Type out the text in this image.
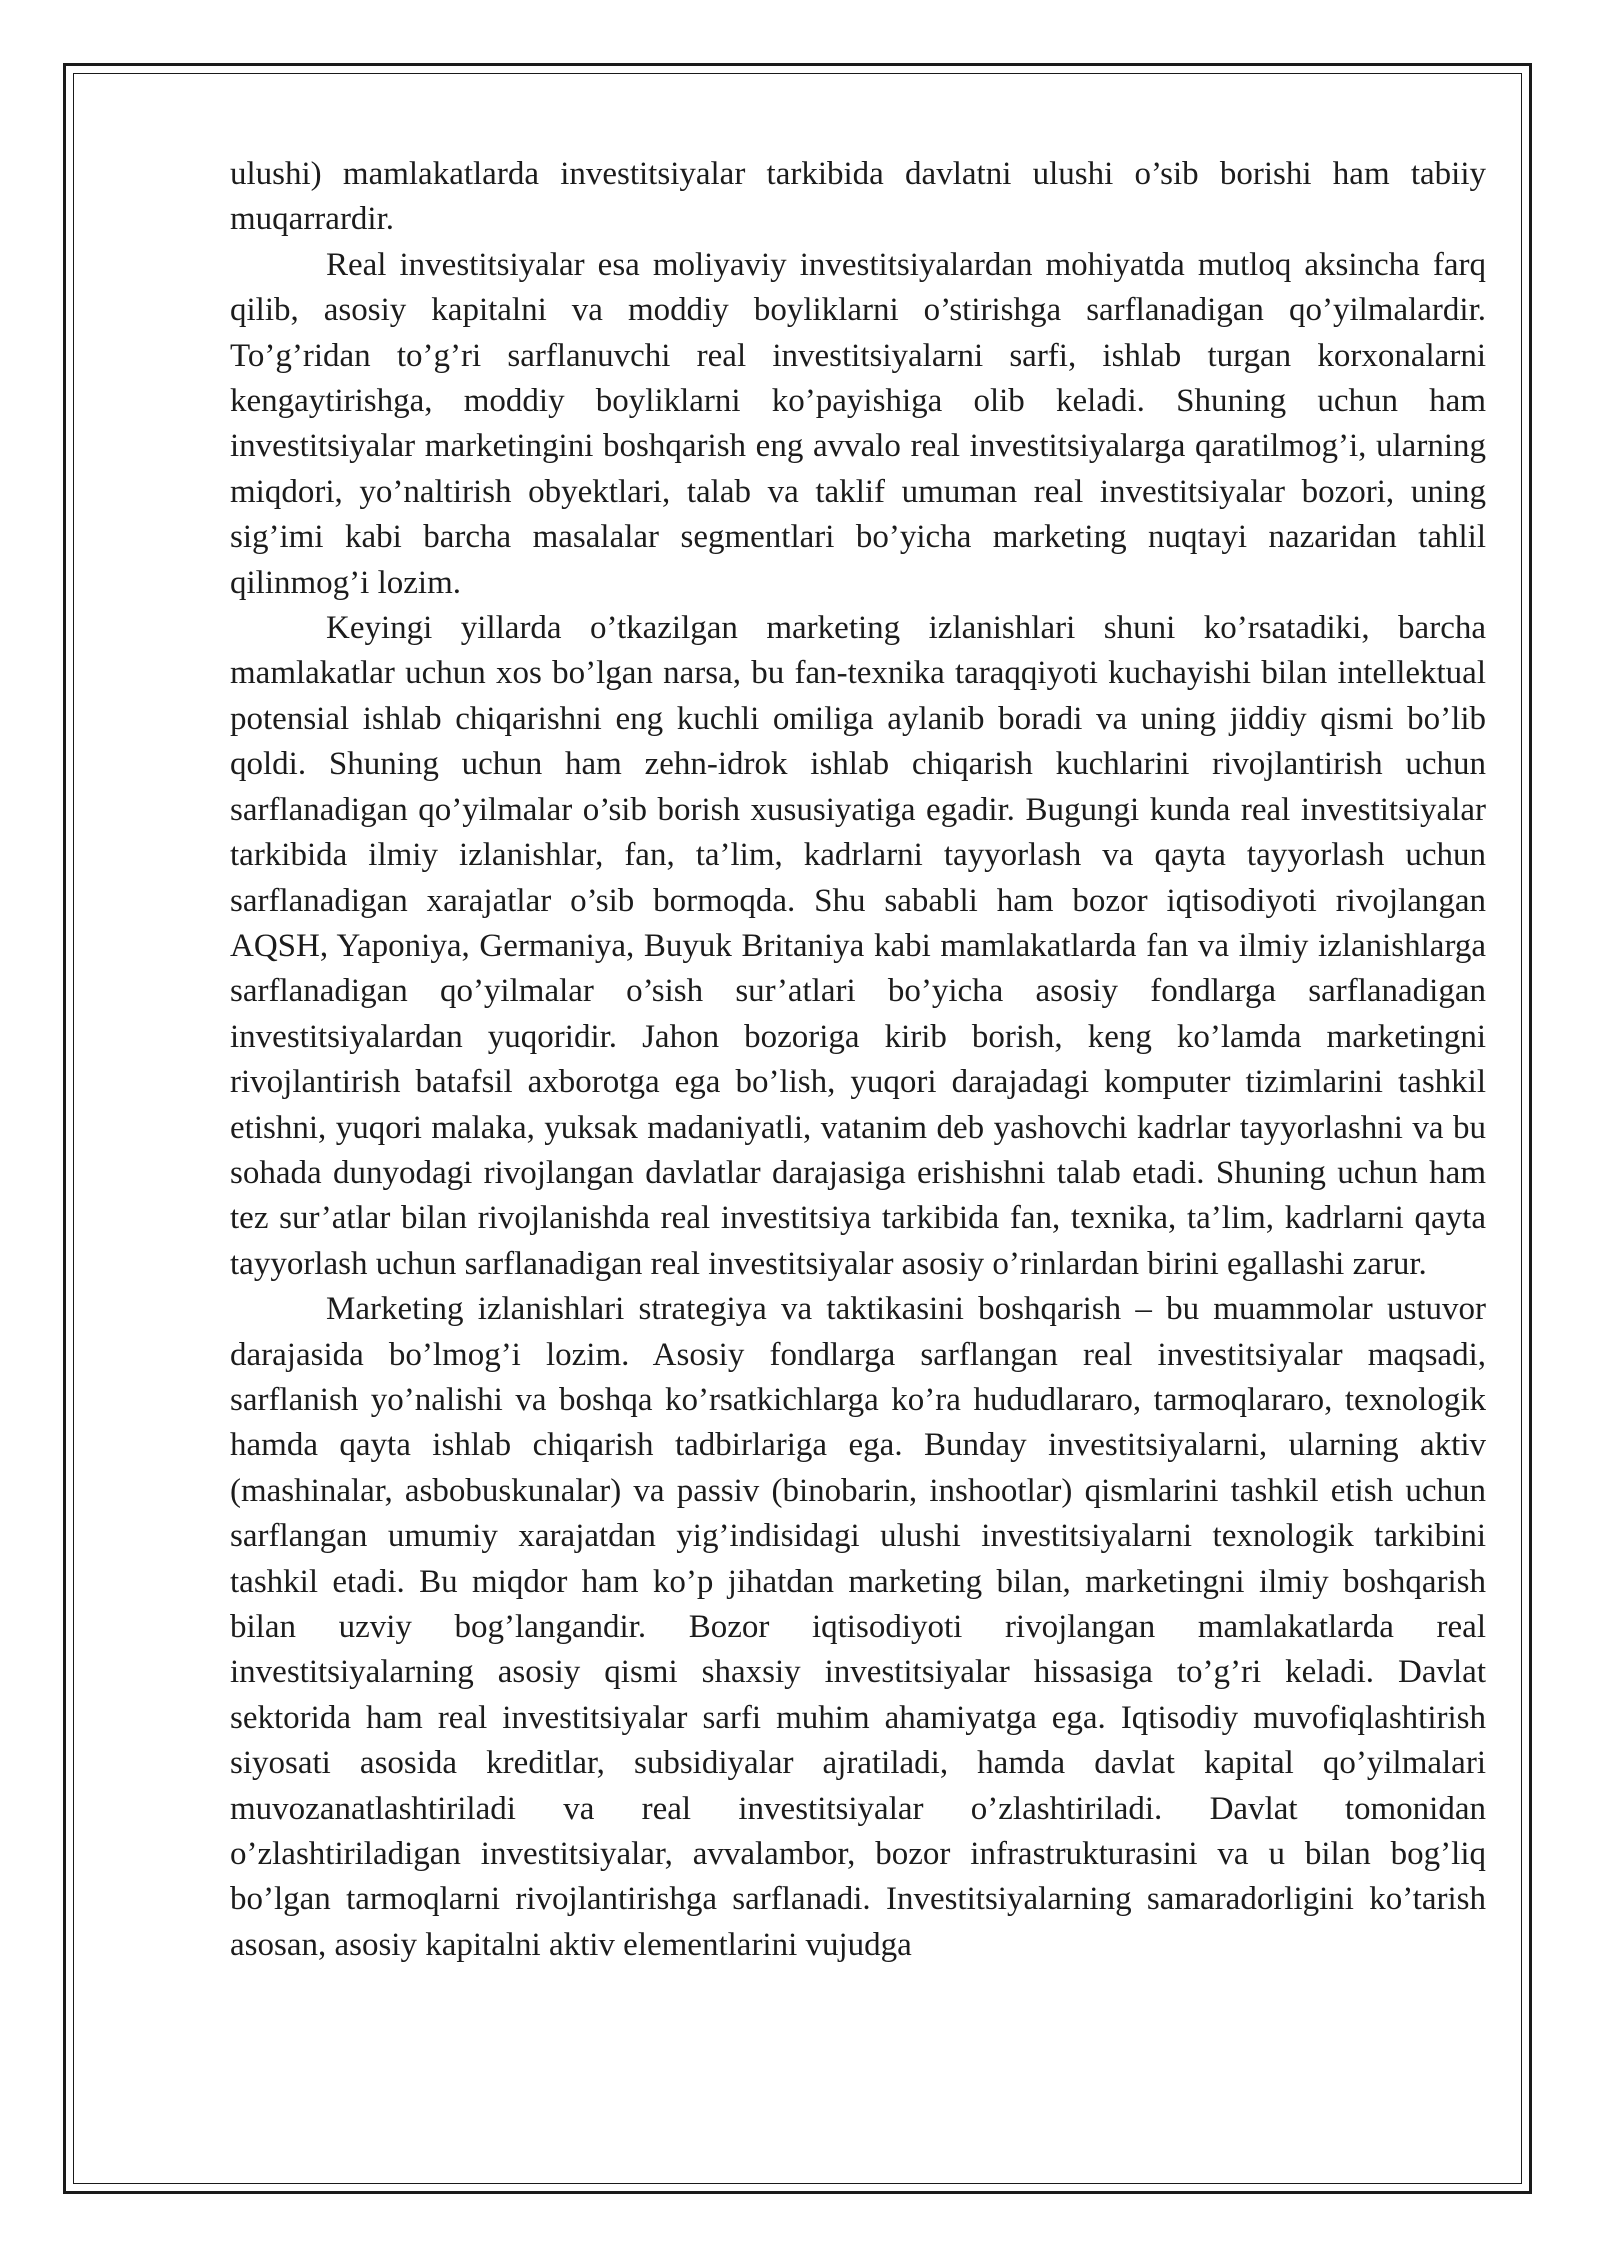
ulushi) mamlakatlarda investitsiyalar tarkibida davlatni ulushi o’sib borishi ham tabiiy muqarrardir.

Real investitsiyalar esa moliyaviy investitsiyalardan mohiyatda mutloq aksincha farq qilib, asosiy kapitalni va moddiy boyliklarni o’stirishga sarflanadigan qo’yilmalardir. To’g’ridan to’g’ri sarflanuvchi real investitsiyalarni sarfi, ishlab turgan korxonalarni kengaytirishga, moddiy boyliklarni ko’payishiga olib keladi. Shuning uchun ham investitsiyalar marketingini boshqarish eng avvalo real investitsiyalarga qaratilmog’i, ularning miqdori, yo’naltirish obyektlari, talab va taklif umuman real investitsiyalar bozori, uning sig’imi kabi barcha masalalar segmentlari bo’yicha marketing nuqtayi nazaridan tahlil qilinmog’i lozim.

Keyingi yillarda o’tkazilgan marketing izlanishlari shuni ko’rsatadiki, barcha mamlakatlar uchun xos bo’lgan narsa, bu fan-texnika taraqqiyoti kuchayishi bilan intellektual potensial ishlab chiqarishni eng kuchli omiliga aylanib boradi va uning jiddiy qismi bo’lib qoldi. Shuning uchun ham zehn-idrok ishlab chiqarish kuchlarini rivojlantirish uchun sarflanadigan qo’yilmalar o’sib borish xususiyatiga egadir. Bugungi kunda real investitsiyalar tarkibida ilmiy izlanishlar, fan, ta’lim, kadrlarni tayyorlash va qayta tayyorlash uchun sarflanadigan xarajatlar o’sib bormoqda. Shu sababli ham bozor iqtisodiyoti rivojlangan AQSH, Yaponiya, Germaniya, Buyuk Britaniya kabi mamlakatlarda fan va ilmiy izlanishlarga sarflanadigan qo’yilmalar o’sish sur’atlari bo’yicha asosiy fondlarga sarflanadigan investitsiyalardan yuqoridir. Jahon bozoriga kirib borish, keng ko’lamda marketingni rivojlantirish batafsil axborotga ega bo’lish, yuqori darajadagi komputer tizimlarini tashkil etishni, yuqori malaka, yuksak madaniyatli, vatanim deb yashovchi kadrlar tayyorlashni va bu sohada dunyodagi rivojlangan davlatlar darajasiga erishishni talab etadi. Shuning uchun ham tez sur’atlar bilan rivojlanishda real investitsiya tarkibida fan, texnika, ta’lim, kadrlarni qayta tayyorlash uchun sarflanadigan real investitsiyalar asosiy o’rinlardan birini egallashi zarur.

Marketing izlanishlari strategiya va taktikasini boshqarish – bu muammolar ustuvor darajasida bo’lmog’i lozim. Asosiy fondlarga sarflangan real investitsiyalar maqsadi, sarflanish yo’nalishi va boshqa ko’rsatkichlarga ko’ra hududlararo, tarmoqlararo, texnologik hamda qayta ishlab chiqarish tadbirlariga ega. Bunday investitsiyalarni, ularning aktiv (mashinalar, asbobuskunalar) va passiv (binobarin, inshootlar) qismlarini tashkil etish uchun sarflangan umumiy xarajatdan yig’indisidagi ulushi investitsiyalarni texnologik tarkibini tashkil etadi. Bu miqdor ham ko’p jihatdan marketing bilan, marketingni ilmiy boshqarish bilan uzviy bog’langandir. Bozor iqtisodiyoti rivojlangan mamlakatlarda real investitsiyalarning asosiy qismi shaxsiy investitsiyalar hissasiga to’g’ri keladi. Davlat sektorida ham real investitsiyalar sarfi muhim ahamiyatga ega. Iqtisodiy muvofiqlashtirish siyosati asosida kreditlar, subsidiyalar ajratiladi, hamda davlat kapital qo’yilmalari muvozanatlashtiriladi va real investitsiyalar o’zlashtiriladi. Davlat tomonidan o’zlashtiriladigan investitsiyalar, avvalambor, bozor infrastrukturasini va u bilan bog’liq bo’lgan tarmoqlarni rivojlantirishga sarflanadi. Investitsiyalarning samaradorligini ko’tarish asosan, asosiy kapitalni aktiv elementlarini vujudga
